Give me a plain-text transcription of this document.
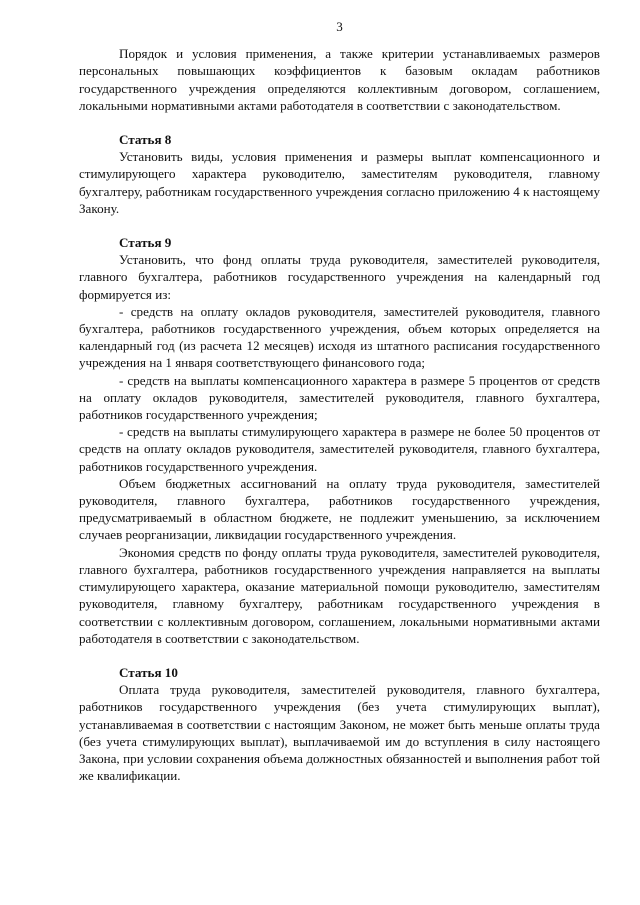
3

Порядок и условия применения, а также критерии устанавливаемых размеров персональных повышающих коэффициентов к базовым окладам работников государственного учреждения определяются коллективным договором, соглашением, локальными нормативными актами работодателя в соответствии с законодательством.

Статья 8

Установить виды, условия применения и размеры выплат компенсационного и стимулирующего характера руководителю, заместителям руководителя, главному бухгалтеру, работникам государственного учреждения согласно приложению 4 к настоящему Закону.

Статья 9

Установить, что фонд оплаты труда руководителя, заместителей руководителя, главного бухгалтера, работников государственного учреждения на календарный год формируется из:

- средств на оплату окладов руководителя, заместителей руководителя, главного бухгалтера, работников государственного учреждения, объем которых определяется на календарный год (из расчета 12 месяцев) исходя из штатного расписания государственного учреждения на 1 января соответствующего финансового года;

- средств на выплаты компенсационного характера в размере 5 процентов от средств на оплату окладов руководителя, заместителей руководителя, главного бухгалтера, работников государственного учреждения;

- средств на выплаты стимулирующего характера в размере не более 50 процентов от средств на оплату окладов руководителя, заместителей руководителя, главного бухгалтера, работников государственного учреждения.

Объем бюджетных ассигнований на оплату труда руководителя, заместителей руководителя, главного бухгалтера, работников государственного учреждения, предусматриваемый в областном бюджете, не подлежит уменьшению, за исключением случаев реорганизации, ликвидации государственного учреждения.

Экономия средств по фонду оплаты труда руководителя, заместителей руководителя, главного бухгалтера, работников государственного учреждения направляется на выплаты стимулирующего характера, оказание материальной помощи руководителю, заместителям руководителя, главному бухгалтеру, работникам государственного учреждения в соответствии с коллективным договором, соглашением, локальными нормативными актами работодателя в соответствии с законодательством.

Статья 10

Оплата труда руководителя, заместителей руководителя, главного бухгалтера, работников государственного учреждения (без учета стимулирующих выплат), устанавливаемая в соответствии с настоящим Законом, не может быть меньше оплаты труда (без учета стимулирующих выплат), выплачиваемой им до вступления в силу настоящего Закона, при условии сохранения объема должностных обязанностей и выполнения работ той же квалификации.
